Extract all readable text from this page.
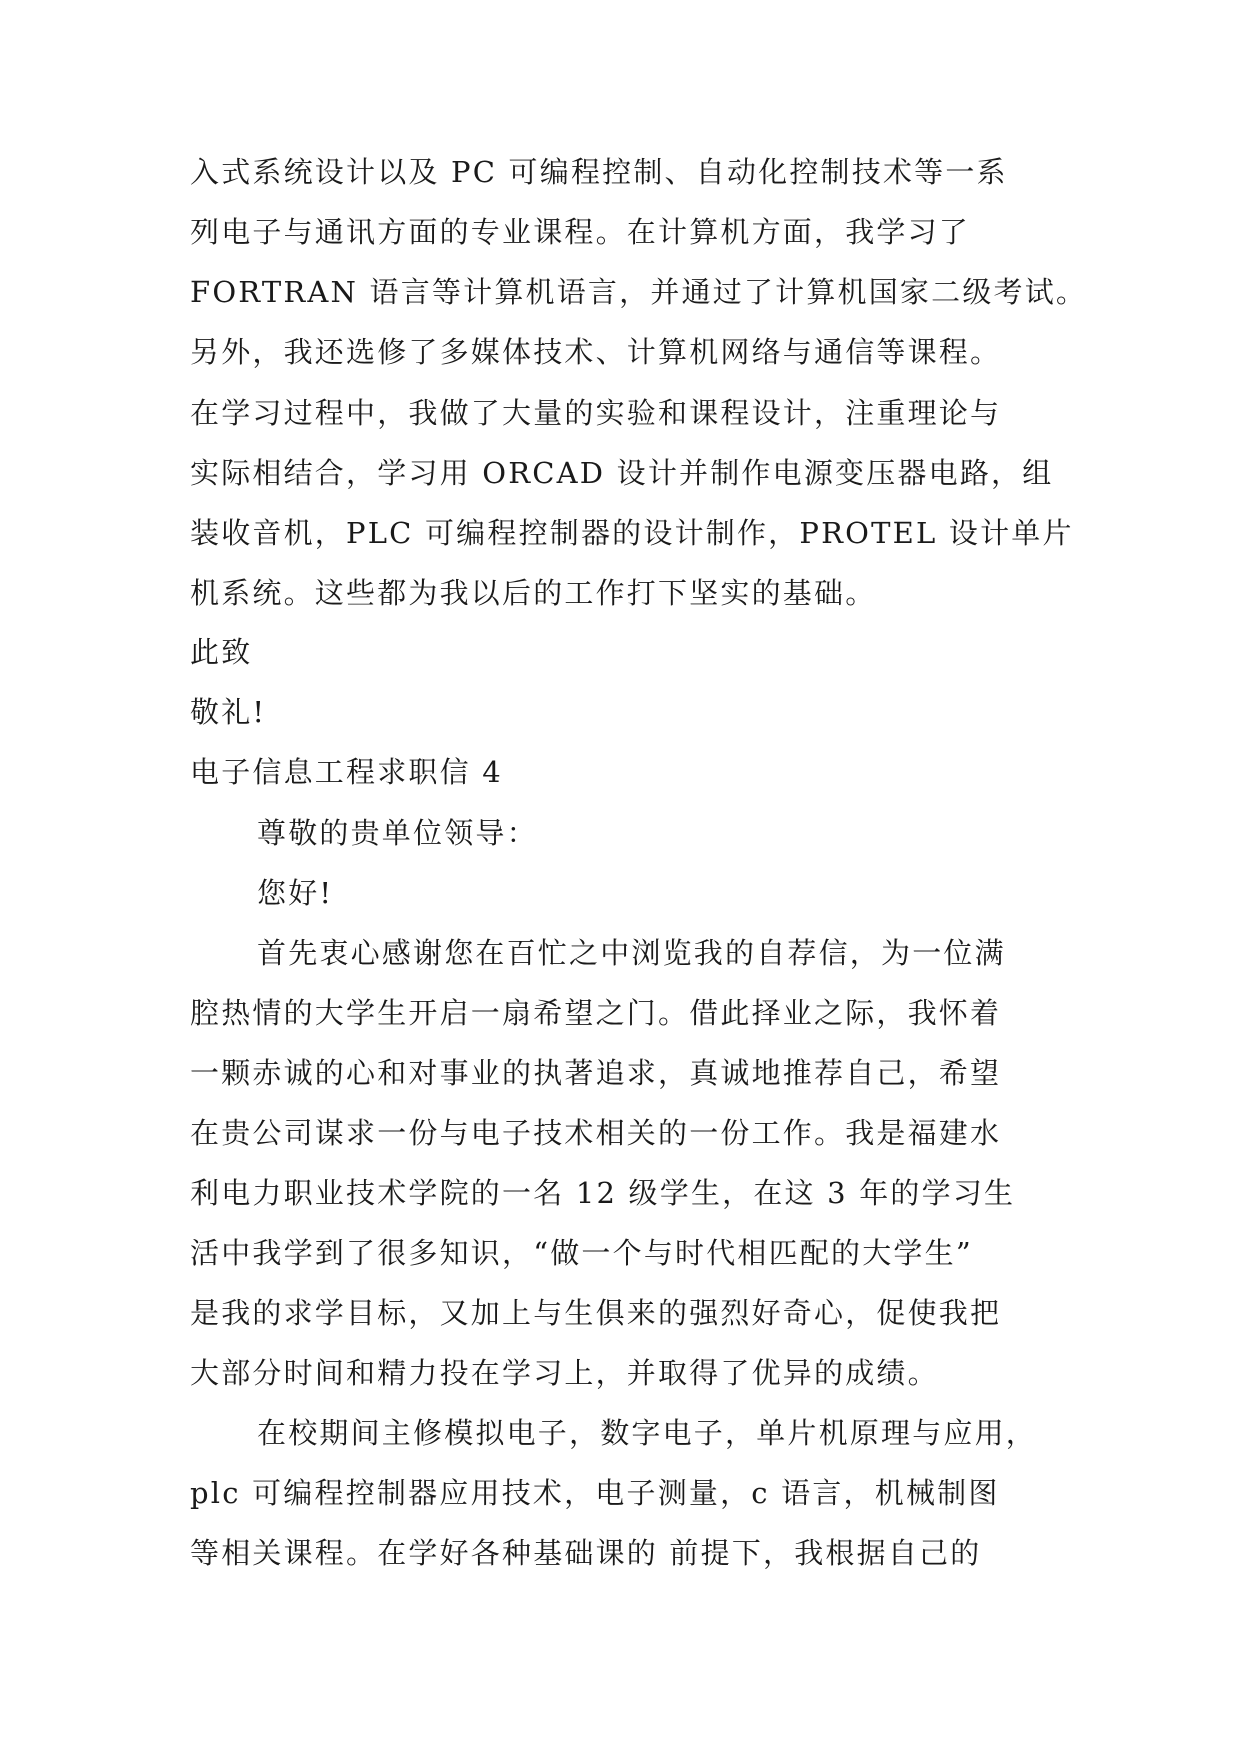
入式系统设计以及 PC 可编程控制、自动化控制技术等一系
列电子与通讯方面的专业课程。在计算机方面，我学习了
FORTRAN 语言等计算机语言，并通过了计算机国家二级考试。
另外，我还选修了多媒体技术、计算机网络与通信等课程。
在学习过程中，我做了大量的实验和课程设计，注重理论与
实际相结合，学习用 ORCAD 设计并制作电源变压器电路，组
装收音机，PLC 可编程控制器的设计制作，PROTEL 设计单片
机系统。这些都为我以后的工作打下坚实的基础。
此致
敬礼!
电子信息工程求职信 4
尊敬的贵单位领导：
您好!
首先衷心感谢您在百忙之中浏览我的自荐信，为一位满
腔热情的大学生开启一扇希望之门。借此择业之际，我怀着
一颗赤诚的心和对事业的执著追求，真诚地推荐自己，希望
在贵公司谋求一份与电子技术相关的一份工作。我是福建水
利电力职业技术学院的一名 12 级学生，在这 3 年的学习生
活中我学到了很多知识，“做一个与时代相匹配的大学生”
是我的求学目标，又加上与生俱来的强烈好奇心，促使我把
大部分时间和精力投在学习上，并取得了优异的成绩。
在校期间主修模拟电子，数字电子，单片机原理与应用，
plc 可编程控制器应用技术，电子测量，c 语言，机械制图
等相关课程。在学好各种基础课的 前提下，我根据自己的
